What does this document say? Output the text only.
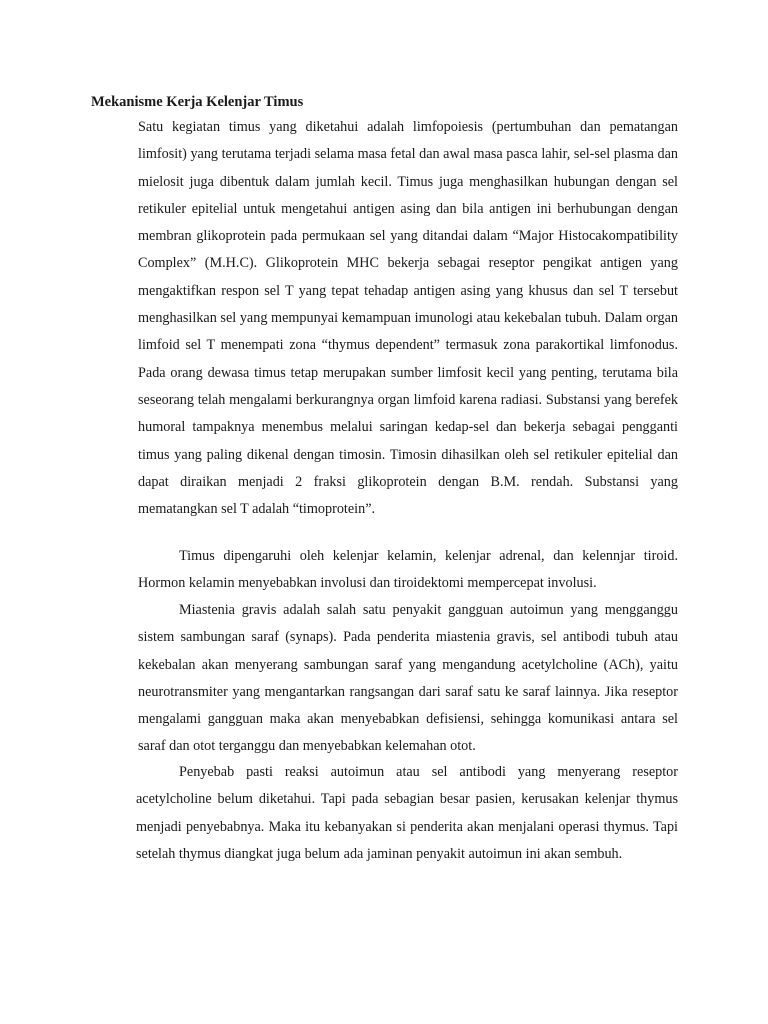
Mekanisme Kerja Kelenjar Timus

Satu kegiatan timus yang diketahui adalah limfopoiesis (pertumbuhan dan pematangan limfosit) yang terutama terjadi selama masa fetal dan awal masa pasca lahir, sel-sel plasma dan mielosit juga dibentuk dalam jumlah kecil. Timus juga menghasilkan hubungan dengan sel retikuler epitelial untuk mengetahui antigen asing dan bila antigen ini berhubungan dengan membran glikoprotein pada permukaan sel yang ditandai dalam “Major Histocakompatibility Complex” (M.H.C). Glikoprotein MHC bekerja sebagai reseptor pengikat antigen yang mengaktifkan respon sel T yang tepat tehadap antigen asing yang khusus dan sel T tersebut menghasilkan sel yang mempunyai kemampuan imunologi atau kekebalan tubuh. Dalam organ limfoid sel T menempati zona “thymus dependent” termasuk zona parakortikal limfonodus. Pada orang dewasa timus tetap merupakan sumber limfosit kecil yang penting, terutama bila seseorang telah mengalami berkurangnya organ limfoid karena radiasi. Substansi yang berefek humoral tampaknya menembus melalui saringan kedap-sel dan bekerja sebagai pengganti timus yang paling dikenal dengan timosin. Timosin dihasilkan oleh sel retikuler epitelial dan dapat diraikan menjadi 2 fraksi glikoprotein dengan B.M. rendah. Substansi yang mematangkan sel T adalah “timoprotein”.

Timus dipengaruhi oleh kelenjar kelamin, kelenjar adrenal, dan kelennjar tiroid. Hormon kelamin menyebabkan involusi dan tiroidektomi mempercepat involusi.

Miastenia gravis adalah salah satu penyakit gangguan autoimun yang mengganggu sistem sambungan saraf (synaps). Pada penderita miastenia gravis, sel antibodi tubuh atau kekebalan akan menyerang sambungan saraf yang mengandung acetylcholine (ACh), yaitu neurotransmiter yang mengantarkan rangsangan dari saraf satu ke saraf lainnya. Jika reseptor mengalami gangguan maka akan menyebabkan defisiensi, sehingga komunikasi antara sel saraf dan otot terganggu dan menyebabkan kelemahan otot.

Penyebab pasti reaksi autoimun atau sel antibodi yang menyerang reseptor acetylcholine belum diketahui. Tapi pada sebagian besar pasien, kerusakan kelenjar thymus menjadi penyebabnya. Maka itu kebanyakan si penderita akan menjalani operasi thymus. Tapi setelah thymus diangkat juga belum ada jaminan penyakit autoimun ini akan sembuh.
